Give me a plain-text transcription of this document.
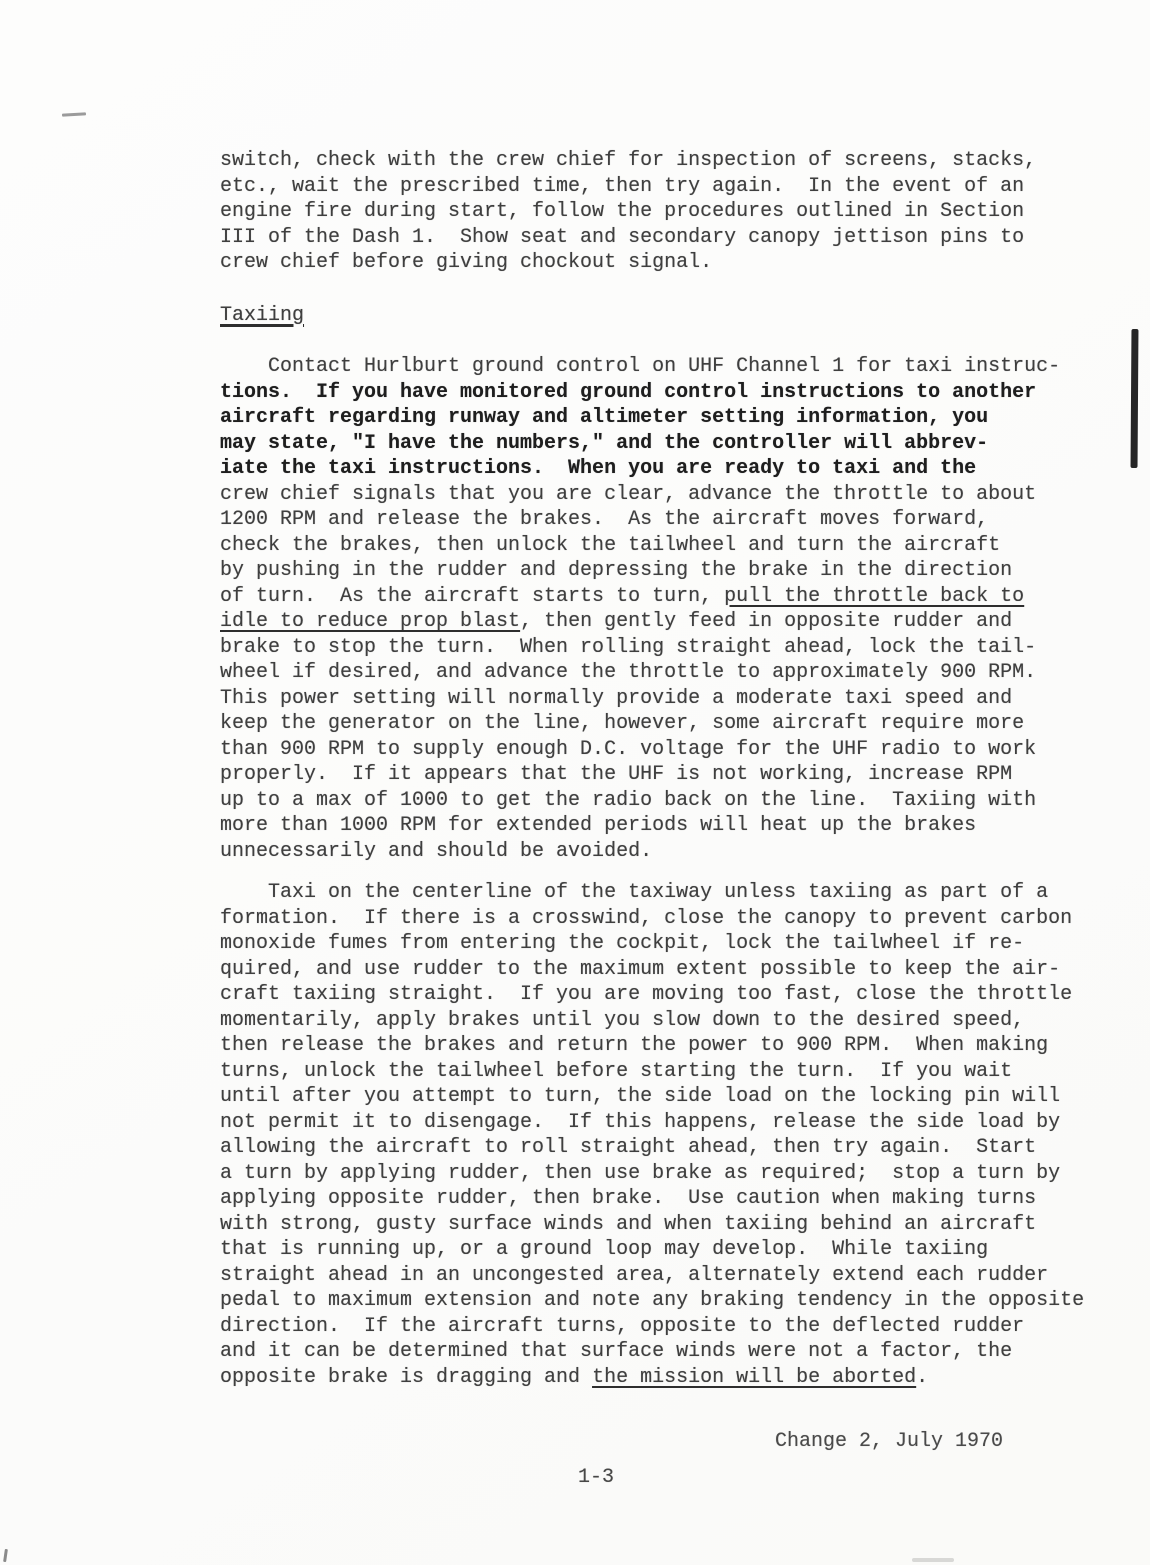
switch, check with the crew chief for inspection of screens, stacks,
etc., wait the prescribed time, then try again.  In the event of an
engine fire during start, follow the procedures outlined in Section
III of the Dash 1.  Show seat and secondary canopy jettison pins to
crew chief before giving chockout signal.
Taxiing
Contact Hurlburt ground control on UHF Channel 1 for taxi instruc-
tions.  If you have monitored ground control instructions to another
aircraft regarding runway and altimeter setting information, you
may state, "I have the numbers," and the controller will abbrev-
iate the taxi instructions.  When you are ready to taxi and the
crew chief signals that you are clear, advance the throttle to about
1200 RPM and release the brakes.  As the aircraft moves forward,
check the brakes, then unlock the tailwheel and turn the aircraft
by pushing in the rudder and depressing the brake in the direction
of turn.  As the aircraft starts to turn, pull the throttle back to
idle to reduce prop blast, then gently feed in opposite rudder and
brake to stop the turn.  When rolling straight ahead, lock the tail-
wheel if desired, and advance the throttle to approximately 900 RPM.
This power setting will normally provide a moderate taxi speed and
keep the generator on the line, however, some aircraft require more
than 900 RPM to supply enough D.C. voltage for the UHF radio to work
properly.  If it appears that the UHF is not working, increase RPM
up to a max of 1000 to get the radio back on the line.  Taxiing with
more than 1000 RPM for extended periods will heat up the brakes
unnecessarily and should be avoided.
Taxi on the centerline of the taxiway unless taxiing as part of a
formation.  If there is a crosswind, close the canopy to prevent carbon
monoxide fumes from entering the cockpit, lock the tailwheel if re-
quired, and use rudder to the maximum extent possible to keep the air-
craft taxiing straight.  If you are moving too fast, close the throttle
momentarily, apply brakes until you slow down to the desired speed,
then release the brakes and return the power to 900 RPM.  When making
turns, unlock the tailwheel before starting the turn.  If you wait
until after you attempt to turn, the side load on the locking pin will
not permit it to disengage.  If this happens, release the side load by
allowing the aircraft to roll straight ahead, then try again.  Start
a turn by applying rudder, then use brake as required;  stop a turn by
applying opposite rudder, then brake.  Use caution when making turns
with strong, gusty surface winds and when taxiing behind an aircraft
that is running up, or a ground loop may develop.  While taxiing
straight ahead in an uncongested area, alternately extend each rudder
pedal to maximum extension and note any braking tendency in the opposite
direction.  If the aircraft turns, opposite to the deflected rudder
and it can be determined that surface winds were not a factor, the
opposite brake is dragging and the mission will be aborted.
Change 2, July 1970
1-3
